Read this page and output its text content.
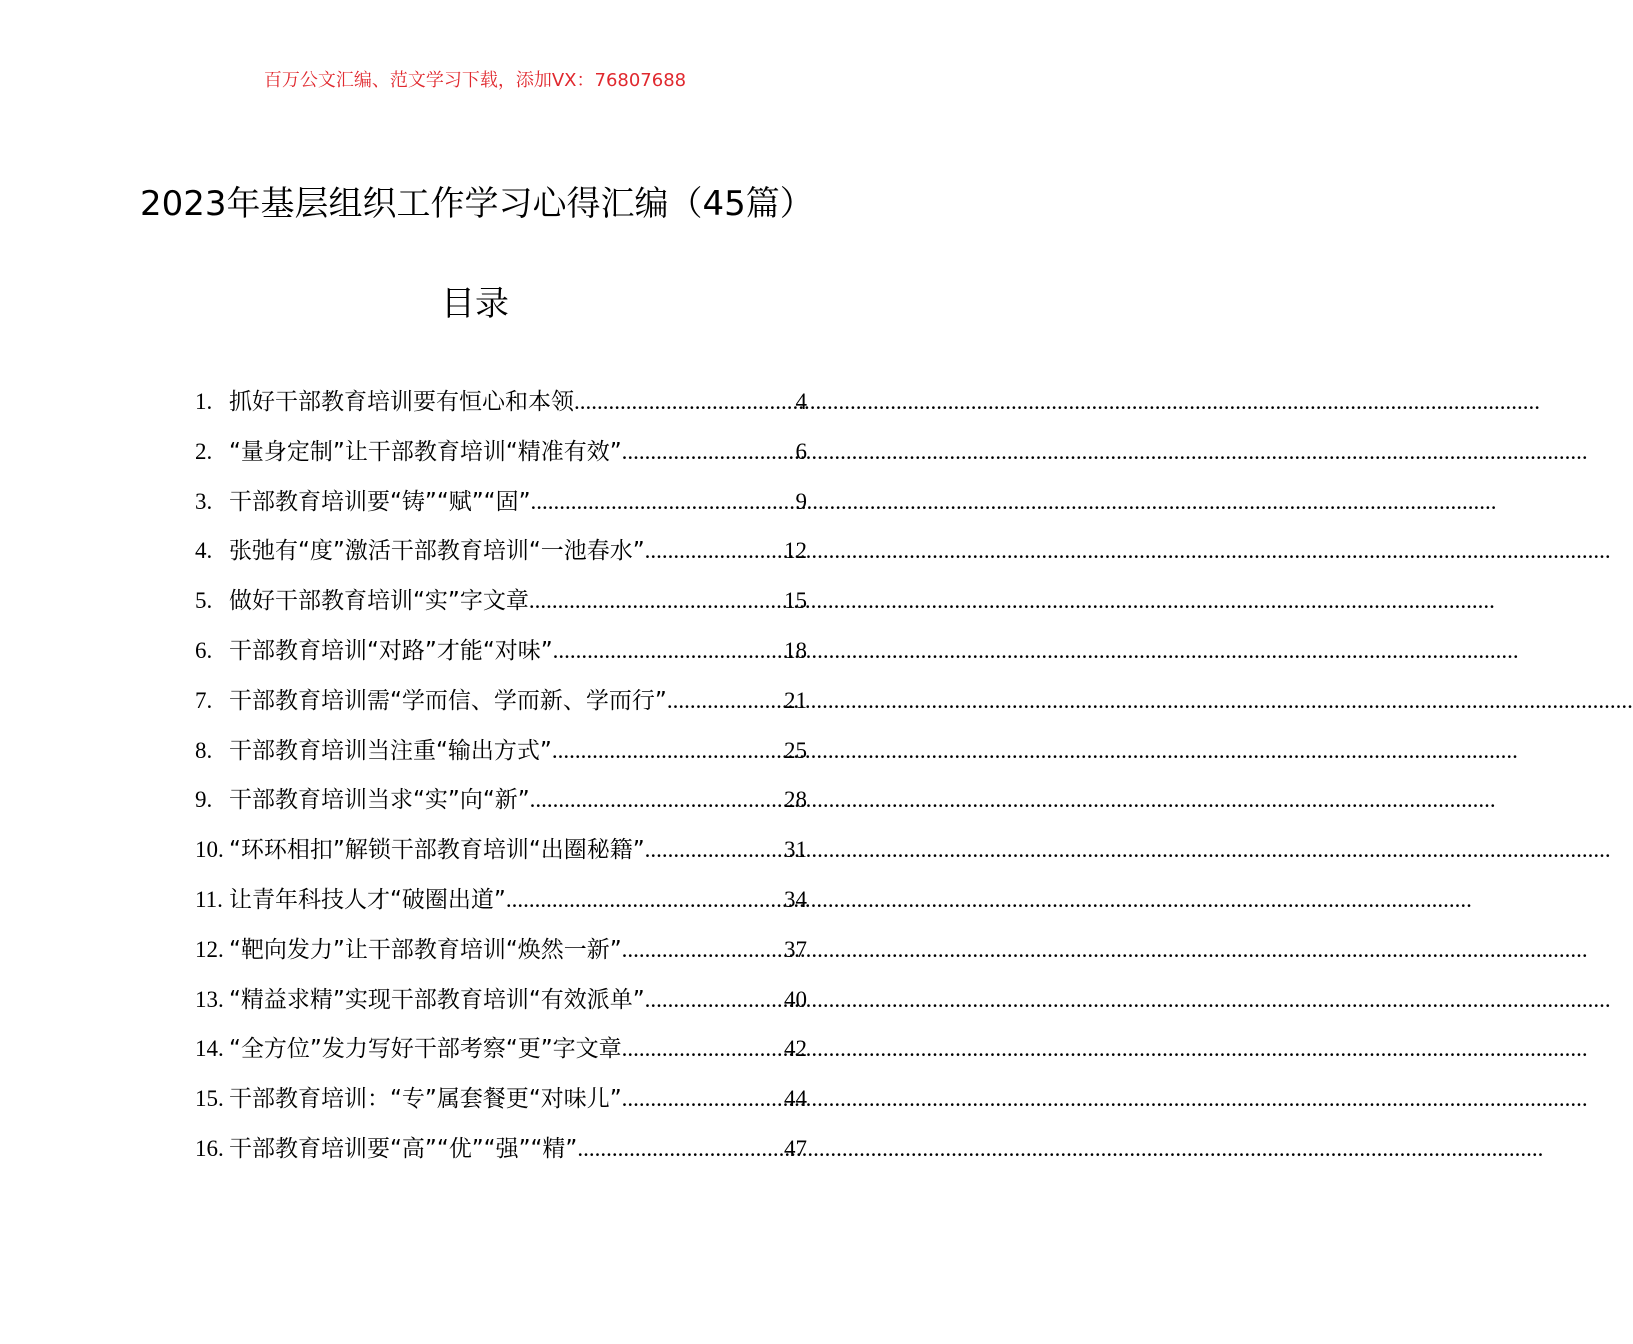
百万公文汇编、范文学习下载，添加VX：76807688
2023年基层组织工作学习心得汇编（45篇）
目录
1. 抓好干部教育培训要有恒心和本领 .....	4
2. “量身定制”让干部教育培训“精准有效” .....	6
3. 干部教育培训要“铸”“赋”“固” .....	9
4. 张弛有“度”激活干部教育培训“一池春水” .....	12
5. 做好干部教育培训“实”字文章 .....	15
6. 干部教育培训“对路”才能“对味” .....	18
7. 干部教育培训需“学而信、学而新、学而行” .....	21
8. 干部教育培训当注重“输出方式” .....	25
9. 干部教育培训当求“实”向“新” .....	28
10. “环环相扣”解锁干部教育培训“出圈秘籍” .....	31
11. 让青年科技人才“破圈出道” .....	34
12. “靶向发力”让干部教育培训“焕然一新” .....	37
13. “精益求精”实现干部教育培训“有效派单” .....	40
14. “全方位”发力写好干部考察“更”字文章 .....	42
15. 干部教育培训：“专”属套餐更“对味儿” .....	44
16. 干部教育培训要“高”“优”“强”“精” .....	47
